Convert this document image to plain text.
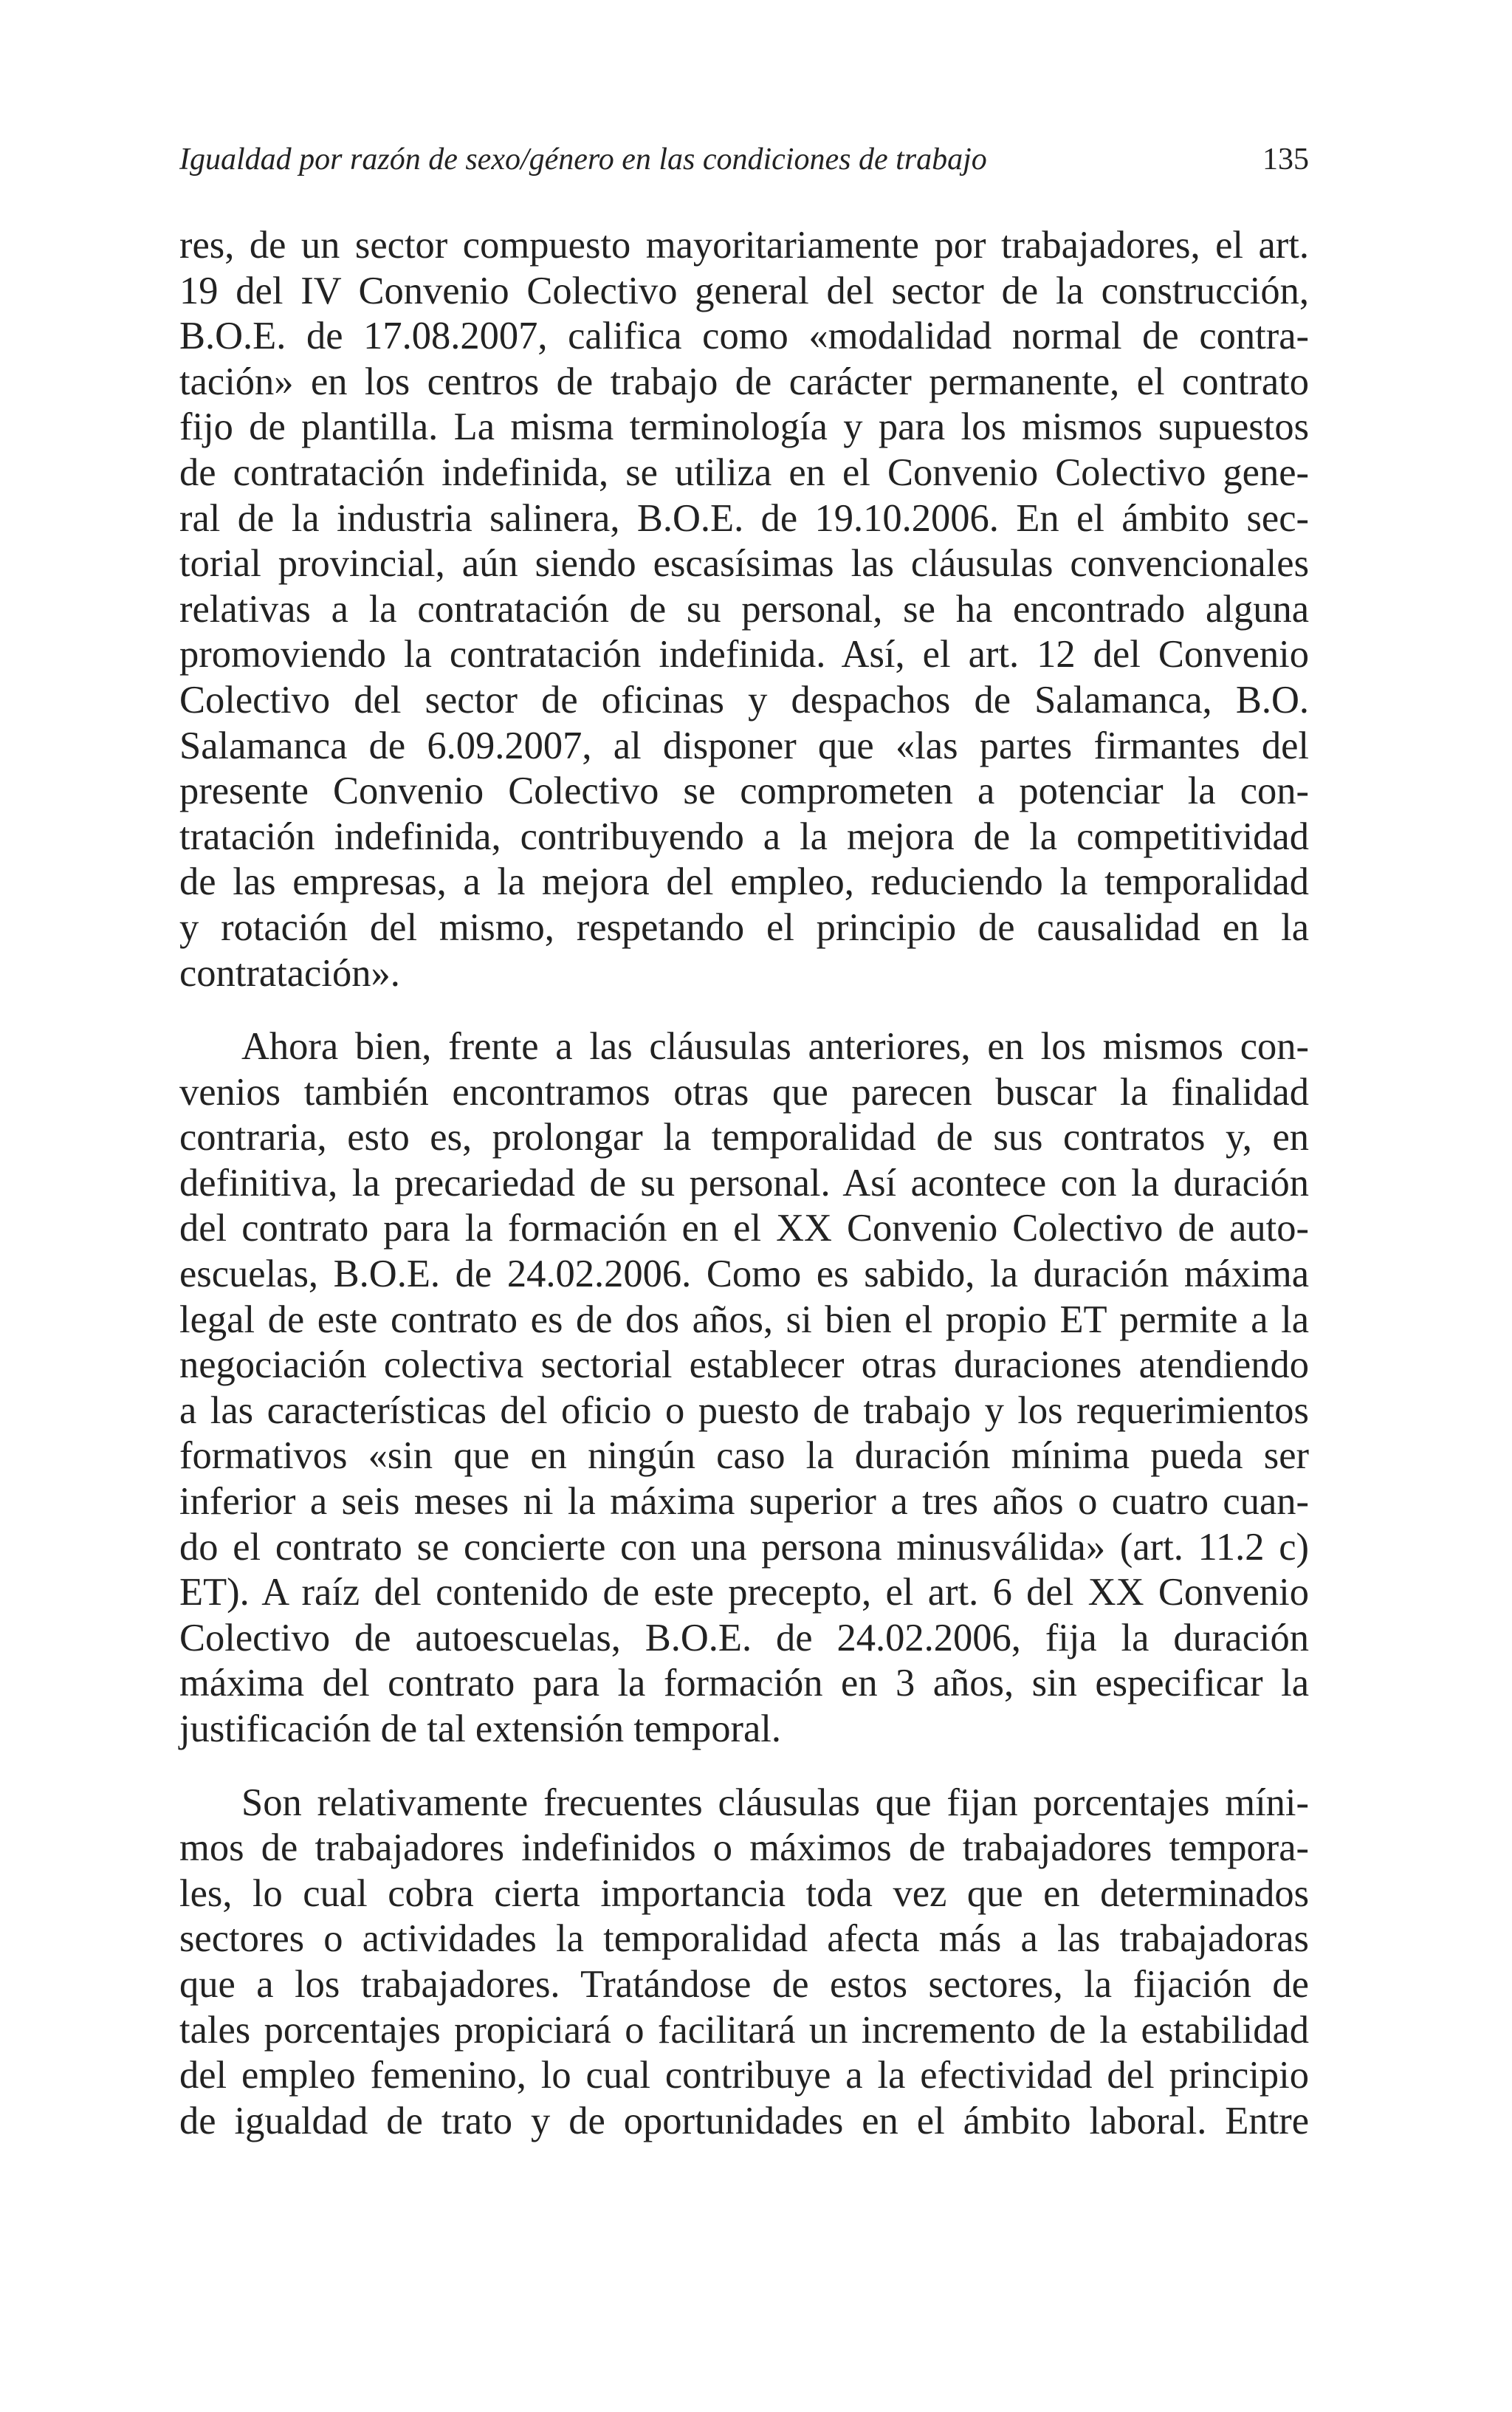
Igualdad por razón de sexo/género en las condiciones de trabajo	135

res, de un sector compuesto mayoritariamente por trabajadores, el art.
19 del IV Convenio Colectivo general del sector de la construcción,
B.O.E. de 17.08.2007, califica como «modalidad normal de contra-
tación» en los centros de trabajo de carácter permanente, el contrato
fijo de plantilla. La misma terminología y para los mismos supuestos
de contratación indefinida, se utiliza en el Convenio Colectivo gene-
ral de la industria salinera, B.O.E. de 19.10.2006. En el ámbito sec-
torial provincial, aún siendo escasísimas las cláusulas convencionales
relativas a la contratación de su personal, se ha encontrado alguna
promoviendo la contratación indefinida. Así, el art. 12 del Convenio
Colectivo del sector de oficinas y despachos de Salamanca, B.O.
Salamanca de 6.09.2007, al disponer que «las partes firmantes del
presente Convenio Colectivo se comprometen a potenciar la con-
tratación indefinida, contribuyendo a la mejora de la competitividad
de las empresas, a la mejora del empleo, reduciendo la temporalidad
y rotación del mismo, respetando el principio de causalidad en la
contratación».

Ahora bien, frente a las cláusulas anteriores, en los mismos con-
venios también encontramos otras que parecen buscar la finalidad
contraria, esto es, prolongar la temporalidad de sus contratos y, en
definitiva, la precariedad de su personal. Así acontece con la duración
del contrato para la formación en el XX Convenio Colectivo de auto-
escuelas, B.O.E. de 24.02.2006. Como es sabido, la duración máxima
legal de este contrato es de dos años, si bien el propio ET permite a la
negociación colectiva sectorial establecer otras duraciones atendiendo
a las características del oficio o puesto de trabajo y los requerimientos
formativos «sin que en ningún caso la duración mínima pueda ser
inferior a seis meses ni la máxima superior a tres años o cuatro cuan-
do el contrato se concierte con una persona minusválida» (art. 11.2 c)
ET). A raíz del contenido de este precepto, el art. 6 del XX Convenio
Colectivo de autoescuelas, B.O.E. de 24.02.2006, fija la duración
máxima del contrato para la formación en 3 años, sin especificar la
justificación de tal extensión temporal.

Son relativamente frecuentes cláusulas que fijan porcentajes míni-
mos de trabajadores indefinidos o máximos de trabajadores tempora-
les, lo cual cobra cierta importancia toda vez que en determinados
sectores o actividades la temporalidad afecta más a las trabajadoras
que a los trabajadores. Tratándose de estos sectores, la fijación de
tales porcentajes propiciará o facilitará un incremento de la estabilidad
del empleo femenino, lo cual contribuye a la efectividad del principio
de igualdad de trato y de oportunidades en el ámbito laboral. Entre
